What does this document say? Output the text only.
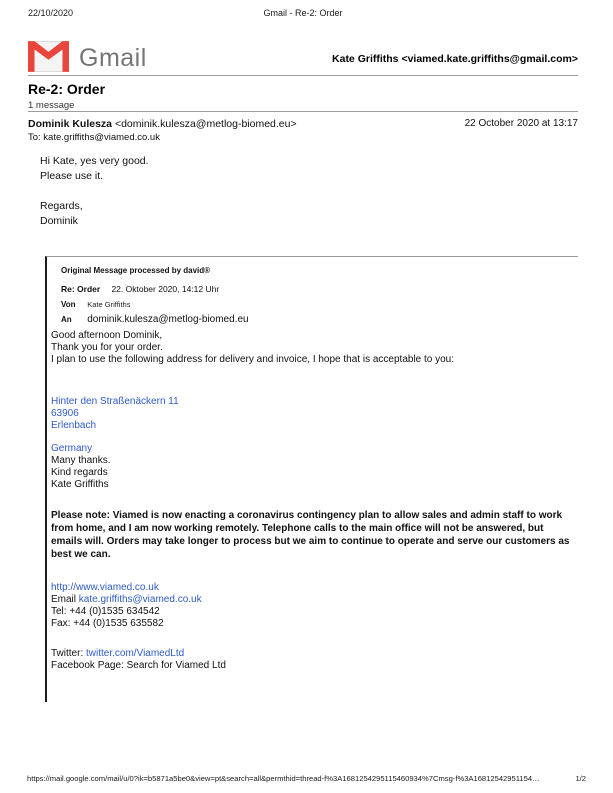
22/10/2020	Gmail - Re-2: Order
Gmail	Kate Griffiths <viamed.kate.griffiths@gmail.com>
Re-2: Order
1 message
Dominik Kulesza <dominik.kulesza@metlog-biomed.eu>	22 October 2020 at 13:17
To: kate.griffiths@viamed.co.uk
Hi Kate, yes very good.
Please use it.
Regards,
Dominik
Original Message processed by david®
Re: Order 22. Oktober 2020, 14:12 Uhr
Von Kate Griffiths
An dominik.kulesza@metlog-biomed.eu
Good afternoon Dominik,
Thank you for your order.
I plan to use the following address for delivery and invoice, I hope that is acceptable to you:
Hinter den Straßenäckern 11
63906
Erlenbach
Germany
Many thanks.
Kind regards
Kate Griffiths
Please note: Viamed is now enacting a coronavirus contingency plan to allow sales and admin staff to work from home, and I am now working remotely. Telephone calls to the main office will not be answered, but emails will. Orders may take longer to process but we aim to continue to operate and serve our customers as best we can.
http://www.viamed.co.uk
Email kate.griffiths@viamed.co.uk
Tel: +44 (0)1535 634542
Fax: +44 (0)1535 635582
Twitter: twitter.com/ViamedLtd
Facebook Page: Search for Viamed Ltd
https://mail.google.com/mail/u/0?ik=b5871a5be0&view=pt&search=all&permthid=thread-f%3A1681254295115460934%7Cmsg-f%3A16812542951154…	1/2
